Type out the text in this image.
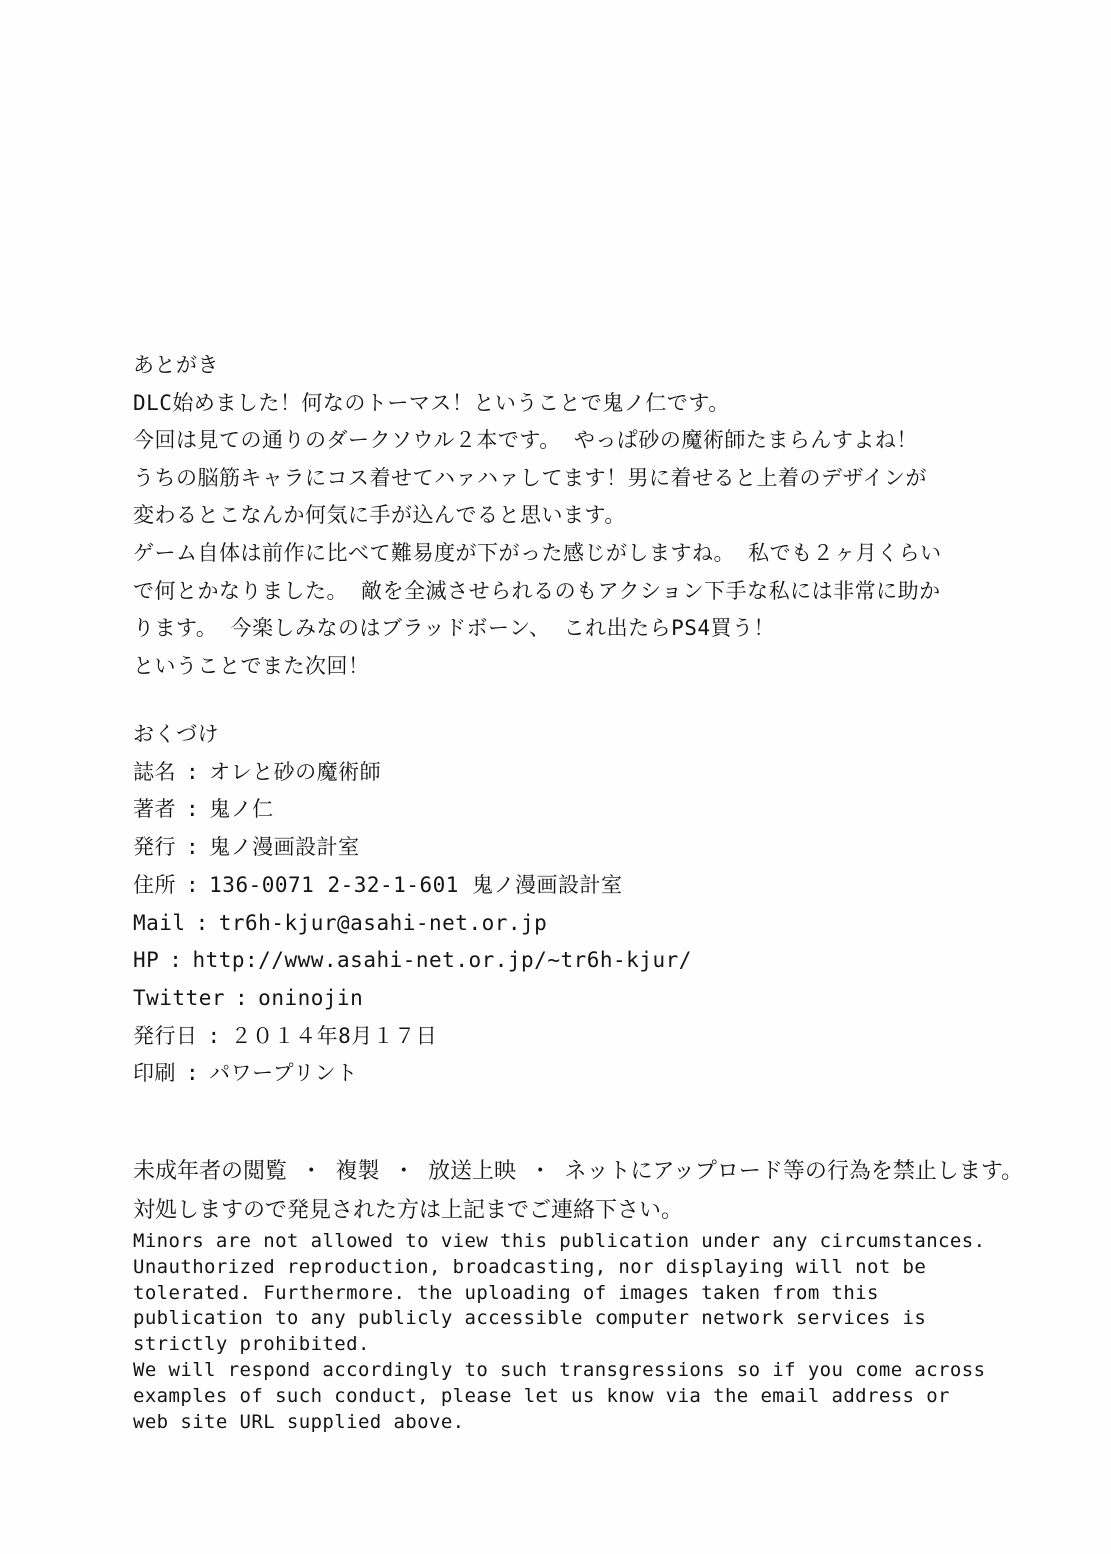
あとがき
DLC始めました！何なのトーマス！ということで鬼ノ仁です。
今回は見ての通りのダークソウル２本です。 やっぱ砂の魔術師たまらんすよね！
うちの脳筋キャラにコス着せてハァハァしてます！男に着せると上着のデザインが
変わるとこなんか何気に手が込んでると思います。
ゲーム自体は前作に比べて難易度が下がった感じがしますね。 私でも２ヶ月くらい
で何とかなりました。 敵を全滅させられるのもアクション下手な私には非常に助か
ります。 今楽しみなのはブラッドボーン、 これ出たらPS4買う！
ということでまた次回！
おくづけ
誌名 : オレと砂の魔術師
著者 : 鬼ノ仁
発行 : 鬼ノ漫画設計室
住所 : 136-0071 2-32-1-601 鬼ノ漫画設計室
Mail : tr6h-kjur@asahi-net.or.jp
HP : http://www.asahi-net.or.jp/~tr6h-kjur/
Twitter : oninojin
発行日 : ２０１４年8月１７日
印刷 : パワープリント
未成年者の閲覧 ・ 複製 ・ 放送上映 ・ ネットにアップロード等の行為を禁止します。
対処しますので発見された方は上記までご連絡下さい。
Minors are not allowed to view this publication under any circumstances.
Unauthorized reproduction, broadcasting, nor displaying will not be
tolerated. Furthermore. the uploading of images taken from this
publication to any publicly accessible computer network services is
strictly prohibited.
We will respond accordingly to such transgressions so if you come across
examples of such conduct, please let us know via the email address or
web site URL supplied above.
